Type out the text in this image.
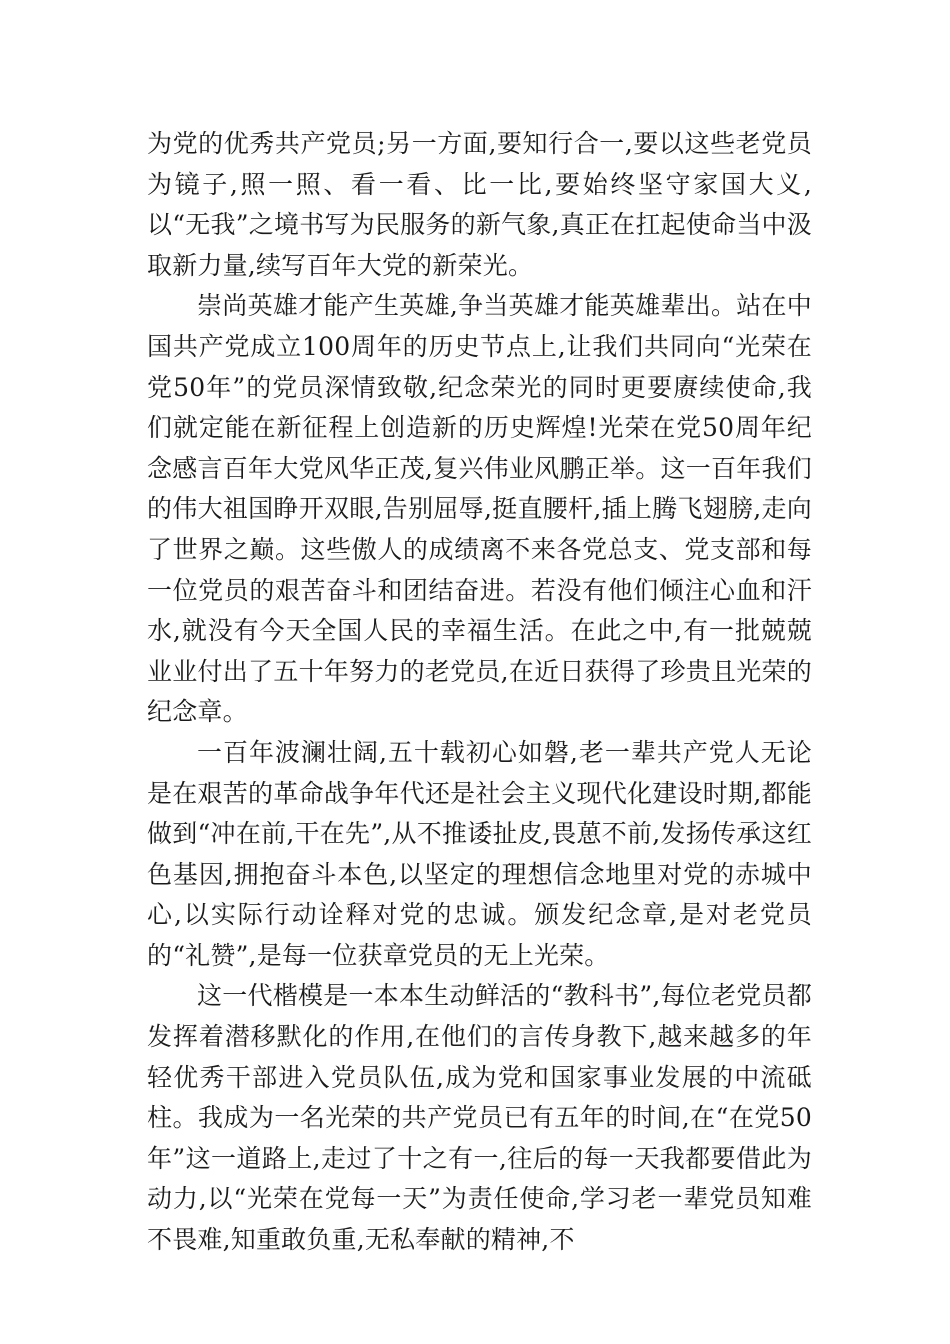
为党的优秀共产党员;另一方面,要知行合一,要以这些老党员为镜子,照一照、看一看、比一比,要始终坚守家国大义,以“无我”之境书写为民服务的新气象,真正在扛起使命当中汲取新力量,续写百年大党的新荣光。

崇尚英雄才能产生英雄,争当英雄才能英雄辈出。站在中国共产党成立100周年的历史节点上,让我们共同向“光荣在党50年”的党员深情致敬,纪念荣光的同时更要赓续使命,我们就定能在新征程上创造新的历史辉煌!光荣在党50周年纪念感言百年大党风华正茂,复兴伟业风鹏正举。这一百年我们的伟大祖国睁开双眼,告别屈辱,挺直腰杆,插上腾飞翅膀,走向了世界之巅。这些傲人的成绩离不来各党总支、党支部和每一位党员的艰苦奋斗和团结奋进。若没有他们倾注心血和汗水,就没有今天全国人民的幸福生活。在此之中,有一批兢兢业业付出了五十年努力的老党员,在近日获得了珍贵且光荣的纪念章。

一百年波澜壮阔,五十载初心如磐,老一辈共产党人无论是在艰苦的革命战争年代还是社会主义现代化建设时期,都能做到“冲在前,干在先”,从不推诿扯皮,畏葸不前,发扬传承这红色基因,拥抱奋斗本色,以坚定的理想信念地里对党的赤城中心,以实际行动诠释对党的忠诚。颁发纪念章,是对老党员的“礼赞”,是每一位获章党员的无上光荣。

这一代楷模是一本本生动鲜活的“教科书”,每位老党员都发挥着潜移默化的作用,在他们的言传身教下,越来越多的年轻优秀干部进入党员队伍,成为党和国家事业发展的中流砥柱。我成为一名光荣的共产党员已有五年的时间,在“在党50年”这一道路上,走过了十之有一,往后的每一天我都要借此为动力,以“光荣在党每一天”为责任使命,学习老一辈党员知难不畏难,知重敢负重,无私奉献的精神,不
